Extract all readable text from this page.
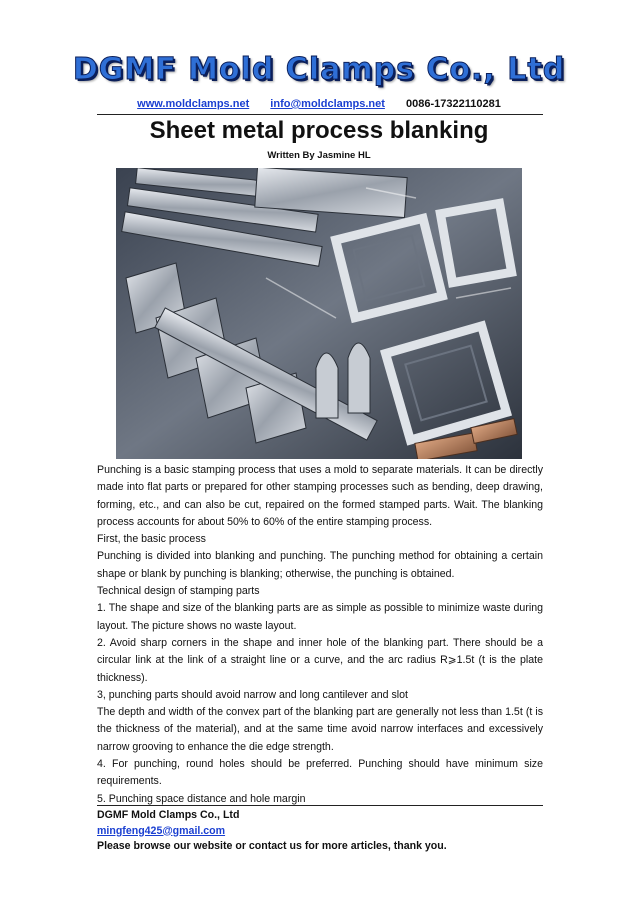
DGMF Mold Clamps Co., Ltd
www.moldclamps.net info@moldclamps.net 0086-17322110281
Sheet metal process blanking
Written By Jasmine HL

Punching is a basic stamping process that uses a mold to separate materials. It can be directly made into flat parts or prepared for other stamping processes such as bending, deep drawing, forming, etc., and can also be cut, repaired on the formed stamped parts. Wait. The blanking process accounts for about 50% to 60% of the entire stamping process.

First, the basic process

Punching is divided into blanking and punching. The punching method for obtaining a certain shape or blank by punching is blanking; otherwise, the punching is obtained.

Technical design of stamping parts

1. The shape and size of the blanking parts are as simple as possible to minimize waste during layout. The picture shows no waste layout.

2. Avoid sharp corners in the shape and inner hole of the blanking part. There should be a circular link at the link of a straight line or a curve, and the arc radius R⩾1.5t (t is the plate thickness).

3, punching parts should avoid narrow and long cantilever and slot

The depth and width of the convex part of the blanking part are generally not less than 1.5t (t is the thickness of the material), and at the same time avoid narrow interfaces and excessively narrow grooving to enhance the die edge strength.

4. For punching, round holes should be preferred. Punching should have minimum size requirements.

5. Punching space distance and hole margin

DGMF Mold Clamps Co., Ltd
mingfeng425@gmail.com
Please browse our website or contact us for more articles, thank you.
